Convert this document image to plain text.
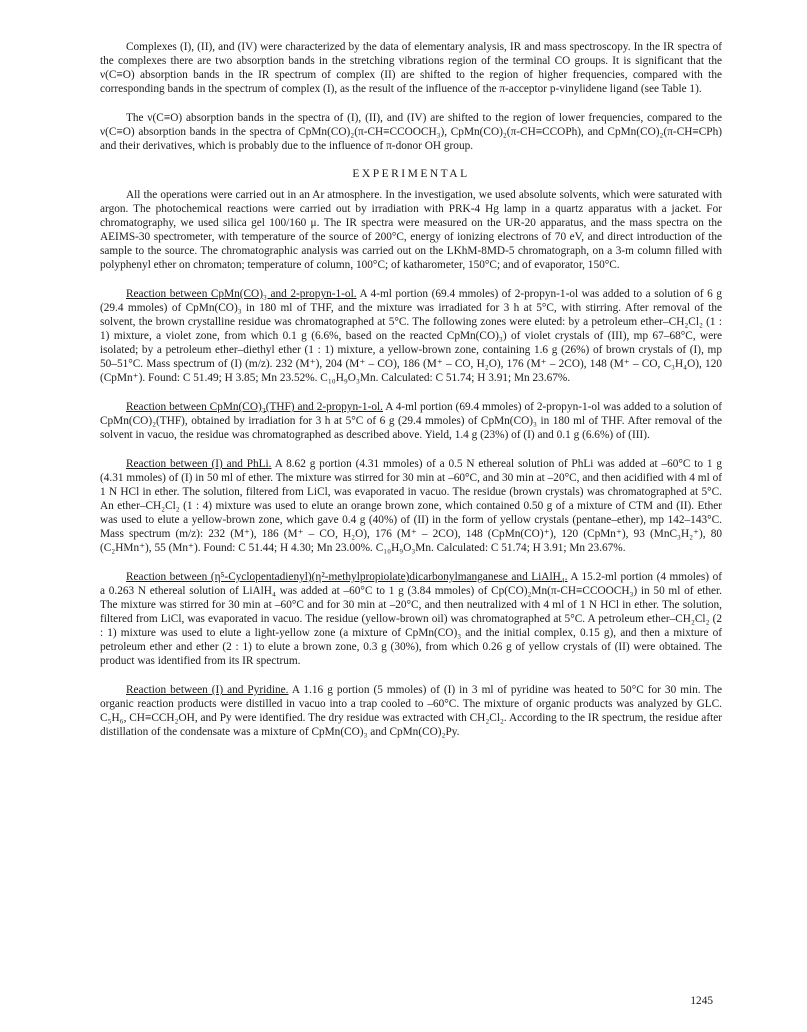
Complexes (I), (II), and (IV) were characterized by the data of elementary analysis, IR and mass spectroscopy. In the IR spectra of the complexes there are two absorption bands in the stretching vibrations region of the terminal CO groups. It is significant that the ν(C≡O) absorption bands in the IR spectrum of complex (II) are shifted to the region of higher frequencies, compared with the corresponding bands in the spectrum of complex (I), as the result of the influence of the π-acceptor p-vinylidene ligand (see Table 1).

The ν(C≡O) absorption bands in the spectra of (I), (II), and (IV) are shifted to the region of lower frequencies, compared to the ν(C≡O) absorption bands in the spectra of CpMn(CO)₂(π-CH≡CCOOCH₃), CpMn(CO)₂(π-CH≡CCOPh), and CpMn(CO)₂(π-CH≡CPh) and their derivatives, which is probably due to the influence of π-donor OH group.

EXPERIMENTAL

All the operations were carried out in an Ar atmosphere. In the investigation, we used absolute solvents, which were saturated with argon. The photochemical reactions were carried out by irradiation with PRK-4 Hg lamp in a quartz apparatus with a jacket. For chromatography, we used silica gel 100/160 μ. The IR spectra were measured on the UR-20 apparatus, and the mass spectra on the AEIMS-30 spectrometer, with temperature of the source of 200°C, energy of ionizing electrons of 70 eV, and direct introduction of the sample to the source. The chromatographic analysis was carried out on the LKhM-8MD-5 chromatograph, on a 3-m column filled with polyphenyl ether on chromaton; temperature of column, 100°C; of katharometer, 150°C; and of evaporator, 150°C.

Reaction between CpMn(CO)₃ and 2-propyn-1-ol. A 4-ml portion (69.4 mmoles) of 2-propyn-1-ol was added to a solution of 6 g (29.4 mmoles) of CpMn(CO)₃ in 180 ml of THF, and the mixture was irradiated for 3 h at 5°C, with stirring. After removal of the solvent, the brown crystalline residue was chromatographed at 5°C. The following zones were eluted: by a petroleum ether–CH₂Cl₂ (1 : 1) mixture, a violet zone, from which 0.1 g (6.6%, based on the reacted CpMn(CO)₃) of violet crystals of (III), mp 67–68°C, were isolated; by a petroleum ether–diethyl ether (1 : 1) mixture, a yellow-brown zone, containing 1.6 g (26%) of brown crystals of (I), mp 50–51°C. Mass spectrum of (I) (m/z). 232 (M⁺), 204 (M⁺ – CO), 186 (M⁺ – CO, H₂O), 176 (M⁺ – 2CO), 148 (M⁺ – CO, C₃H₄O), 120 (CpMn⁺). Found: C 51.49; H 3.85; Mn 23.52%. C₁₀H₉O₃Mn. Calculated: C 51.74; H 3.91; Mn 23.67%.

Reaction between CpMn(CO)₂(THF) and 2-propyn-1-ol. A 4-ml portion (69.4 mmoles) of 2-propyn-1-ol was added to a solution of CpMn(CO)₂(THF), obtained by irradiation for 3 h at 5°C of 6 g (29.4 mmoles) of CpMn(CO)₃ in 180 ml of THF. After removal of the solvent in vacuo, the residue was chromatographed as described above. Yield, 1.4 g (23%) of (I) and 0.1 g (6.6%) of (III).

Reaction between (I) and PhLi. A 8.62 g portion (4.31 mmoles) of a 0.5 N ethereal solution of PhLi was added at –60°C to 1 g (4.31 mmoles) of (I) in 50 ml of ether. The mixture was stirred for 30 min at –60°C, and 30 min at –20°C, and then acidified with 4 ml of 1 N HCl in ether. The solution, filtered from LiCl, was evaporated in vacuo. The residue (brown crystals) was chromatographed at 5°C. An ether–CH₂Cl₂ (1 : 4) mixture was used to elute an orange brown zone, which contained 0.50 g of a mixture of CTM and (II). Ether was used to elute a yellow-brown zone, which gave 0.4 g (40%) of (II) in the form of yellow crystals (pentane–ether), mp 142–143°C. Mass spectrum (m/z): 232 (M⁺), 186 (M⁺ – CO, H₂O), 176 (M⁺ – 2CO), 148 (CpMn(CO)⁺), 120 (CpMn⁺), 93 (MnC₃H₂⁺), 80 (C₂HMn⁺), 55 (Mn⁺). Found: C 51.44; H 4.30; Mn 23.00%. C₁₀H₉O₃Mn. Calculated: C 51.74; H 3.91; Mn 23.67%.

Reaction between (η⁵-Cyclopentadienyl)(η²-methylpropiolate)dicarbonylmanganese and LiAlH₄. A 15.2-ml portion (4 mmoles) of a 0.263 N ethereal solution of LiAlH₄ was added at –60°C to 1 g (3.84 mmoles) of Cp(CO)₂Mn(π-CH≡CCOOCH₃) in 50 ml of ether. The mixture was stirred for 30 min at –60°C and for 30 min at –20°C, and then neutralized with 4 ml of 1 N HCl in ether. The solution, filtered from LiCl, was evaporated in vacuo. The residue (yellow-brown oil) was chromatographed at 5°C. A petroleum ether–CH₂Cl₂ (2 : 1) mixture was used to elute a light-yellow zone (a mixture of CpMn(CO)₃ and the initial complex, 0.15 g), and then a mixture of petroleum ether and ether (2 : 1) to elute a brown zone, 0.3 g (30%), from which 0.26 g of yellow crystals of (II) were obtained. The product was identified from its IR spectrum.

Reaction between (I) and Pyridine. A 1.16 g portion (5 mmoles) of (I) in 3 ml of pyridine was heated to 50°C for 30 min. The organic reaction products were distilled in vacuo into a trap cooled to –60°C. The mixture of organic products was analyzed by GLC. C₅H₆, CH≡CCH₂OH, and Py were identified. The dry residue was extracted with CH₂Cl₂. According to the IR spectrum, the residue after distillation of the condensate was a mixture of CpMn(CO)₃ and CpMn(CO)₂Py.

1245
